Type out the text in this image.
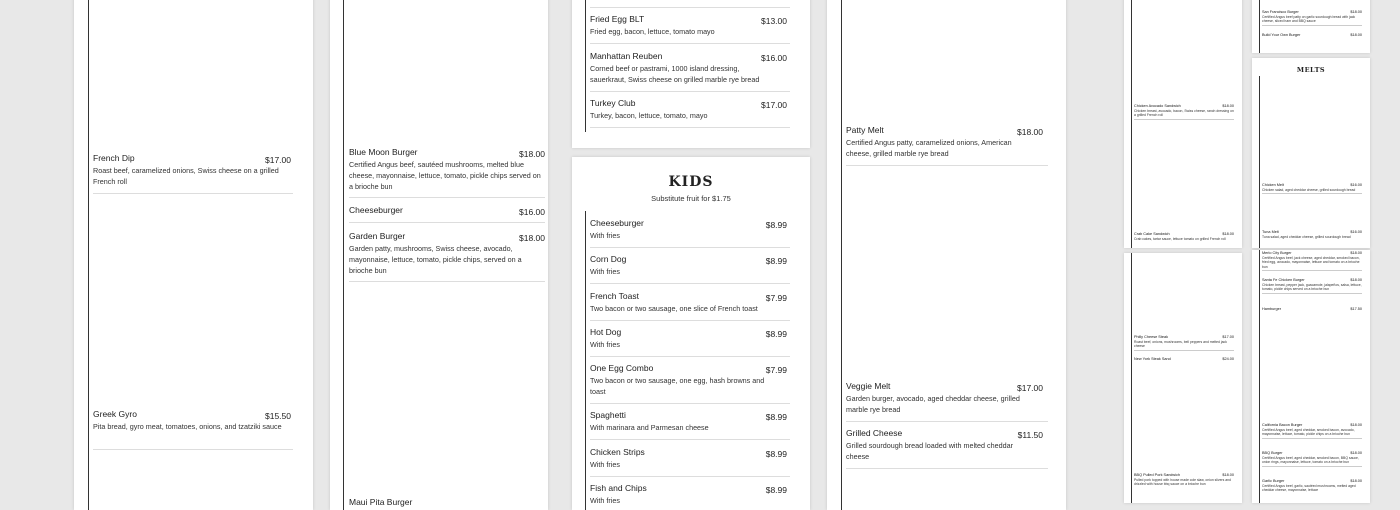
French Dip	$17.00
Roast beef, caramelized onions, Swiss cheese on a grilled French roll
Greek Gyro	$15.50
Pita bread, gyro meat, tomatoes, onions, and tzatziki sauce
Blue Moon Burger	$18.00
Certified Angus beef, sautéed mushrooms, melted blue cheese, mayonnaise, lettuce, tomato, pickle chips served on a brioche bun
Cheeseburger	$16.00
Garden Burger	$18.00
Garden patty, mushrooms, Swiss cheese, avocado, mayonnaise, lettuce, tomato, pickle chips, served on a brioche bun
Maui Pita Burger
Fried Egg BLT	$13.00
Fried egg, bacon, lettuce, tomato mayo
Manhattan Reuben	$16.00
Corned beef or pastrami, 1000 island dressing, sauerkraut, Swiss cheese on grilled marble rye bread
Turkey Club	$17.00
Turkey, bacon, lettuce, tomato, mayo
KIDS
Substitute fruit for $1.75
Cheeseburger	$8.99
With fries
Corn Dog	$8.99
With fries
French Toast	$7.99
Two bacon or two sausage, one slice of French toast
Hot Dog	$8.99
With fries
One Egg Combo	$7.99
Two bacon or two sausage, one egg, hash browns and toast
Spaghetti	$8.99
With marinara and Parmesan cheese
Chicken Strips	$8.99
With fries
Fish and Chips	$8.99
With fries
Patty Melt	$18.00
Certified Angus patty, caramelized onions, American cheese, grilled marble rye bread
Veggie Melt	$17.00
Garden burger, avocado, aged cheddar cheese, grilled marble rye bread
Grilled Cheese	$11.50
Grilled sourdough bread loaded with melted cheddar cheese
Chicken Avocado Sandwich	$18.00
Chicken breast, avocado, bacon, Swiss cheese, ranch dressing on a grilled French roll
Crab Cake Sandwich	$18.00
Crab cakes, tartar sauce, lettuce tomato on grilled French roll
Philly Cheese Steak	$17.00
Roast beef, onions, mushrooms, bell peppers and melted jack cheese
New York Steak Sand	$24.00
BBQ Pulled Pork Sandwich	$18.00
Pulled pork topped with house made cole slaw, onion slivers and drizzled with house bbq sauce on a brioche bun
San Francisco Burger	$18.00
Certified Angus beef patty on garlic sourdough bread with jack cheese, sliced ham and BBQ sauce
Build Your Own Burger	$18.00
MELTS
Chicken Melt	$16.00
Chicken salad, aged cheddar cheese, grilled sourdough bread
Tuna Melt	$16.00
Tuna salad, aged cheddar cheese, grilled sourdough bread
Merlo City Burger	$18.00
Certified Angus beef, jack cheese, aged cheddar, smoked bacon, fried egg, avocado, mayonnaise, lettuce and tomato on a brioche bun
Santa Fe Chicken Burger	$18.00
Chicken breast, pepper jack, guacamole, jalapeños, salsa, lettuce, tomato, pickle chips served on a brioche bun
Hamburger	$17.50
California Bacon Burger	$18.00
Certified Angus beef, aged cheddar, smoked bacon, avocado, mayonnaise, lettuce, tomato, pickle chips on a brioche bun
BBQ Burger	$18.00
Certified Angus beef, aged cheddar, smoked bacon, BBQ sauce, onion rings, mayonnaise, lettuce, tomato on a brioche bun
Garlic Burger	$18.00
Certified Angus beef, garlic, sautéed mushrooms, melted aged cheddar cheese, mayonnaise, lettuce
